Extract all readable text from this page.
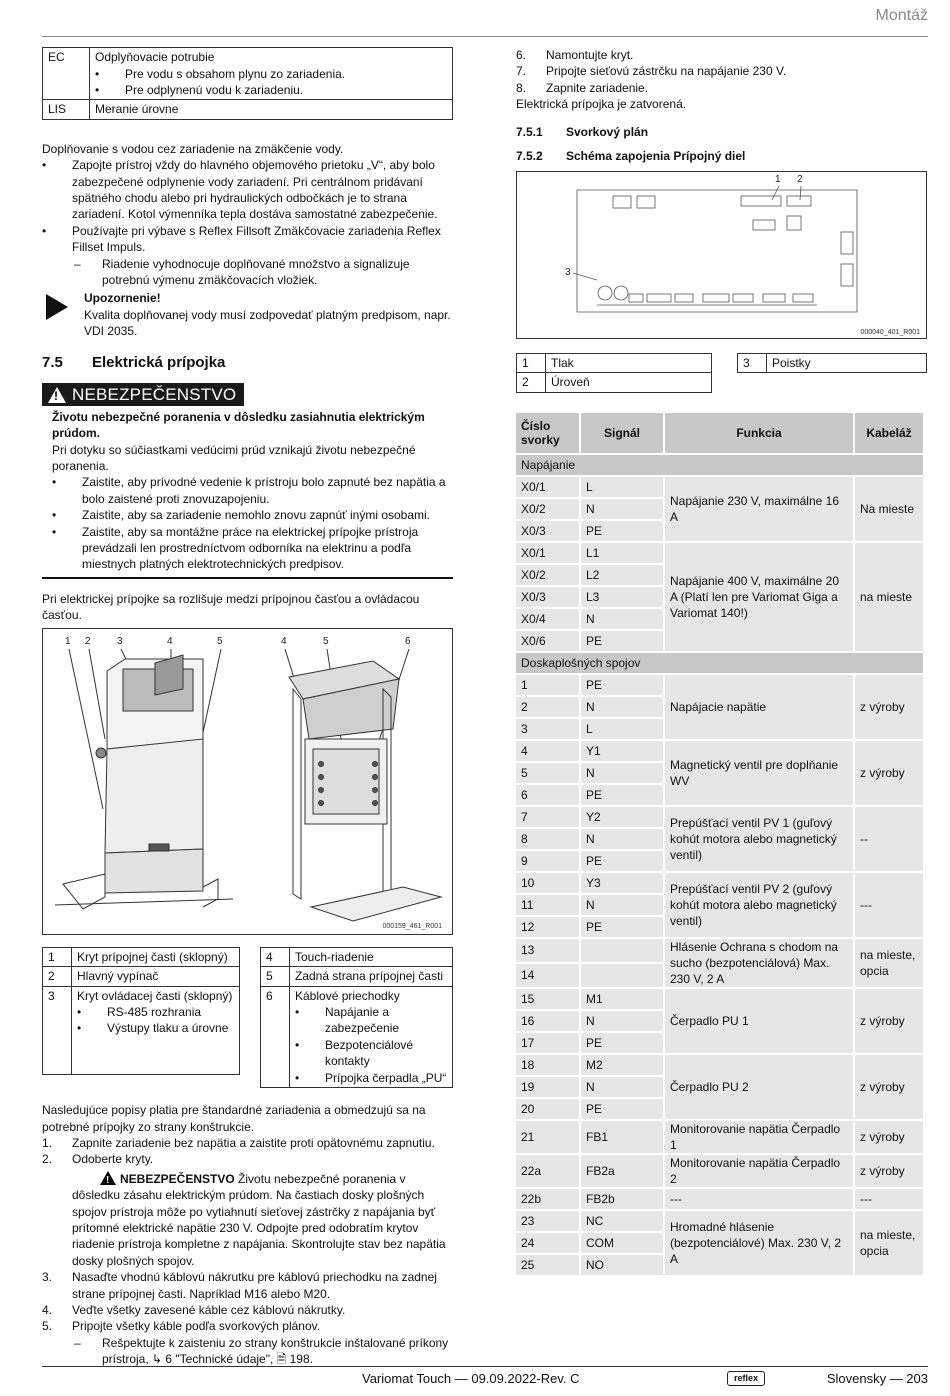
Montáž
EC	Odplyňovacie potrubie
• Pre vodu s obsahom plynu zo zariadenia.
• Pre odplynenú vodu k zariadeniu.

LIS	Meranie úrovne

Doplňovanie s vodou cez zariadenie na zmäkčenie vody.

• Zapojte prístroj vždy do hlavného objemového prietoku „V“, aby bolo zabezpečené odplynenie vody zariadení. Pri centrálnom pridávaní spätného chodu alebo pri hydraulických odbočkách je to strana zariadení. Kotol výmenníka tepla dostáva samostatné zabezpečenie.
• Používajte pri výbave s Reflex Fillsoft Zmäkčovacie zariadenia Reflex Fillset Impuls.
– Riadenie vyhodnocuje doplňované množstvo a signalizuje potrebnú výmenu zmäkčovacích vložiek.
Upozornenie!

Kvalita doplňovanej vody musí zodpovedať platným predpisom, napr. VDI 2035.

7.5 Elektrická prípojka
! NEBEZPEČENSTVO

Životu nebezpečné poranenia v dôsledku zasiahnutia elektrickým prúdom.

Pri dotyku so súčiastkami vedúcimi prúd vznikajú životu nebezpečné poranenia.

• Zaistite, aby prívodné vedenie k prístroju bolo zapnuté bez napätia a bolo zaistené proti znovuzapojeniu.
• Zaistite, aby sa zariadenie nemohlo znovu zapnúť inými osobami.
• Zaistite, aby sa montážne práce na elektrickej prípojke prístroja prevádzali len prostredníctvom odborníka na elektrinu a podľa miestnych platných elektrotechnických predpisov.

Pri elektrickej prípojke sa rozlišuje medzi prípojnou časťou a ovládacou časťou.

1 2	3	4	5	4	5	6
000159_461_R001
1	Kryt prípojnej časti (sklopný)
2	Hlavný vypínač
3	Kryt ovládacej časti (sklopný)
• RS-485 rozhrania
• Výstupy tlaku a úrovne
4	Touch-riadenie
5	Zadná strana prípojnej časti
6	Káblové priechodky
• Napájanie a zabezpečenie
• Bezpotenciálové kontakty
• Prípojka čerpadla „PU“

Nasledujúce popisy platia pre štandardné zariadenia a obmedzujú sa na potrebné prípojky zo strany konštrukcie.

1. Zapnite zariadenie bez napätia a zaistite proti opätovnému zapnutiu.
2. Odoberte kryty.
! NEBEZPEČENSTVO Životu nebezpečné poranenia v dôsledku zásahu elektrickým prúdom. Na častiach dosky plošných spojov prístroja môže po vytiahnutí sieťovej zástrčky z napájania byť prítomné elektrické napätie 230 V. Odpojte pred odobratím krytov riadenie prístroja kompletne z napájania. Skontrolujte stav bez napätia dosky plošných spojov.
3. Nasaďte vhodnú káblovú nákrutku pre káblovú priechodku na zadnej strane prípojnej časti. Napríklad M16 alebo M20.
4. Veďte všetky zavesené káble cez káblovú nákrutky.
5. Pripojte všetky káble podľa svorkových plánov.
– Rešpektujte k zaisteniu zo strany konštrukcie inštalované príkony prístroja, ↳ 6 "Technické údaje", 🗎 198.
6. Namontujte kryt.
7. Pripojte sieťovú zástrčku na napájanie 230 V.
8. Zapnite zariadenie.

Elektrická prípojka je zatvorená.

7.5.1 Svorkový plán
7.5.2 Schéma zapojenia Prípojný diel
1 2
3
000040_401_R001
1	Tlak
2	Úroveň
3	Poistky
Číslo svorky	Signál	Funkcia	Kabeláž
Napájanie			
X0/1	L	Napájanie 230 V, maximálne 16 A	Na mieste
X0/2	N		
X0/3	PE		
X0/1	L1	Napájanie 400 V, maximálne 20 A (Platí len pre Variomat Giga a Variomat 140!)	na mieste
X0/2	L2		
X0/3	L3		
X0/4	N		
X0/6	PE		
Doskaplošných spojov			
1	PE	Napájacie napätie	z výroby
2	N		
3	L		
4	Y1	Magnetický ventil pre doplňanie WV	z výroby
5	N		
6	PE		
7	Y2	Prepúšťací ventil PV 1 (guľový kohút motora alebo magnetický ventil)	--
8	N		
9	PE		
10	Y3	Prepúšťací ventil PV 2 (guľový kohút motora alebo magnetický ventil)	---
11	N		
12	PE		
13		Hlásenie Ochrana s chodom na sucho (bezpotenciálová) Max. 230 V, 2 A	na mieste, opcia
14			
15	M1	Čerpadlo PU 1	z výroby
16	N		
17	PE		
18	M2	Čerpadlo PU 2	z výroby
19	N		
20	PE		
21	FB1	Monitorovanie napätia Čerpadlo 1	z výroby
22a	FB2a	Monitorovanie napätia Čerpadlo 2	z výroby
22b	FB2b	---	---
23	NC	Hromadné hlásenie (bezpotenciálové) Max. 230 V, 2 A	na mieste, opcia
24	COM		
25	NO		
Variomat Touch — 09.09.2022-Rev. C	reflex	Slovensky — 203
